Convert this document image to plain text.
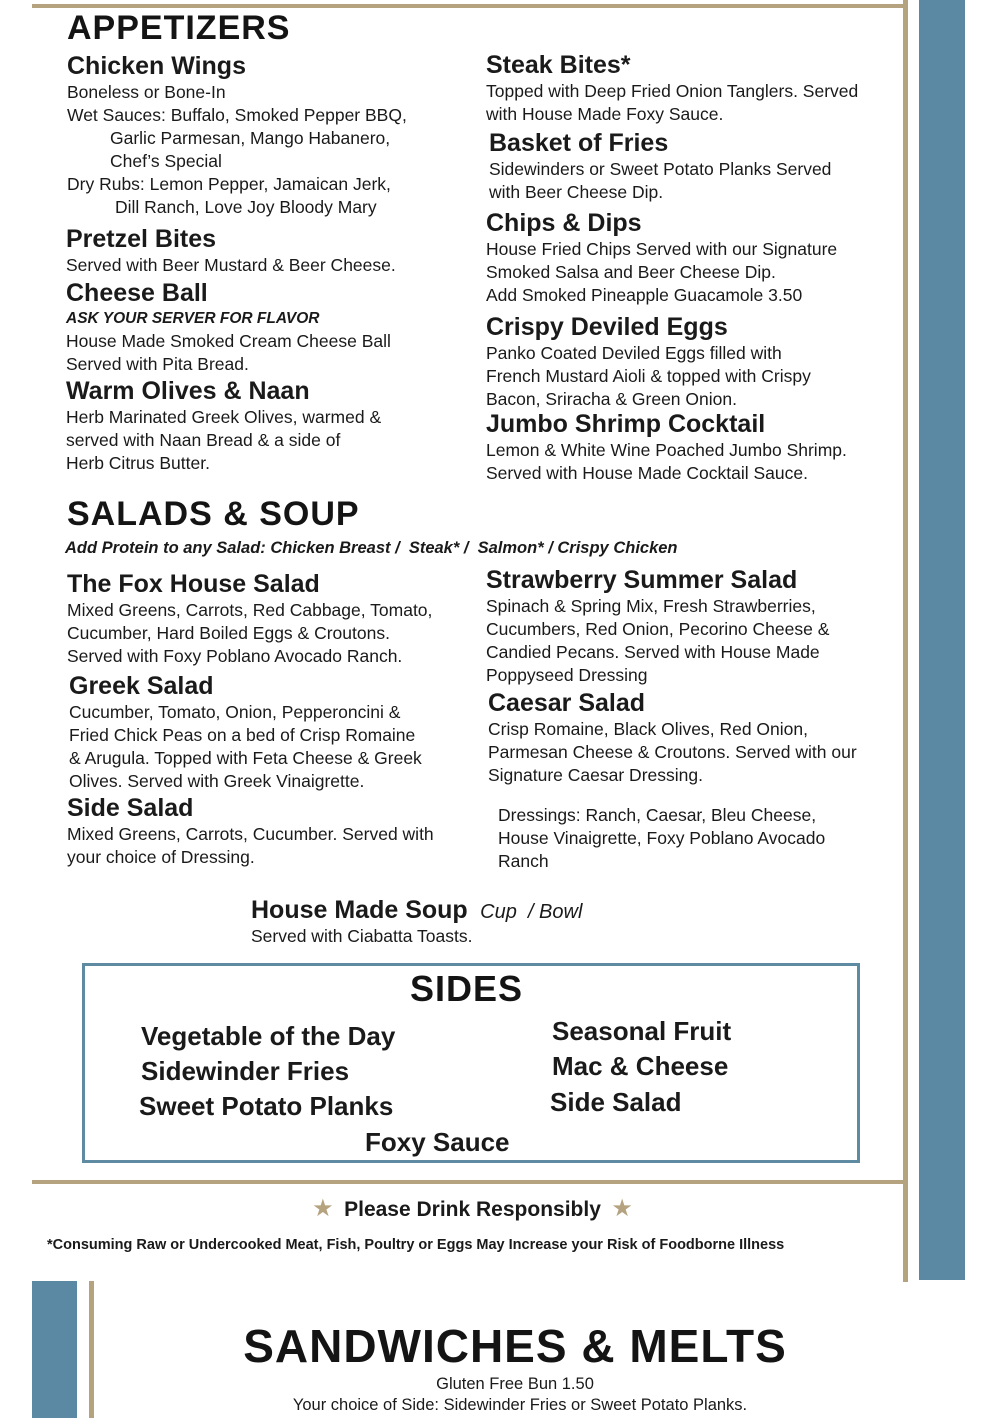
APPETIZERS
Chicken Wings
Boneless or Bone-In
Wet Sauces: Buffalo, Smoked Pepper BBQ,
Garlic Parmesan, Mango Habanero,
Chef’s Special
Dry Rubs: Lemon Pepper, Jamaican Jerk,
Dill Ranch, Love Joy Bloody Mary
Pretzel Bites
Served with Beer Mustard & Beer Cheese.
Cheese Ball
ASK YOUR SERVER FOR FLAVOR
House Made Smoked Cream Cheese Ball
Served with Pita Bread.
Warm Olives & Naan
Herb Marinated Greek Olives, warmed &
served with Naan Bread & a side of
Herb Citrus Butter.
Steak Bites*
Topped with Deep Fried Onion Tanglers. Served
with House Made Foxy Sauce.
Basket of Fries
Sidewinders or Sweet Potato Planks Served
with Beer Cheese Dip.
Chips & Dips
House Fried Chips Served with our Signature
Smoked Salsa and Beer Cheese Dip.
Add Smoked Pineapple Guacamole 3.50
Crispy Deviled Eggs
Panko Coated Deviled Eggs filled with
French Mustard Aioli & topped with Crispy
Bacon, Sriracha & Green Onion.
Jumbo Shrimp Cocktail
Lemon & White Wine Poached Jumbo Shrimp.
Served with House Made Cocktail Sauce.
SALADS & SOUP
Add Protein to any Salad: Chicken Breast /  Steak* /  Salmon* / Crispy Chicken
The Fox House Salad
Mixed Greens, Carrots, Red Cabbage, Tomato,
Cucumber, Hard Boiled Eggs & Croutons.
Served with Foxy Poblano Avocado Ranch.
Greek Salad
Cucumber, Tomato, Onion, Pepperoncini &
Fried Chick Peas on a bed of Crisp Romaine
& Arugula. Topped with Feta Cheese & Greek
Olives. Served with Greek Vinaigrette.
Side Salad
Mixed Greens, Carrots, Cucumber. Served with
your choice of Dressing.
Strawberry Summer Salad
Spinach & Spring Mix, Fresh Strawberries,
Cucumbers, Red Onion, Pecorino Cheese &
Candied Pecans. Served with House Made
Poppyseed Dressing
Caesar Salad
Crisp Romaine, Black Olives, Red Onion,
Parmesan Cheese & Croutons. Served with our
Signature Caesar Dressing.
Dressings: Ranch, Caesar, Bleu Cheese,
House Vinaigrette, Foxy Poblano Avocado
Ranch
House Made Soup Cup  / Bowl
Served with Ciabatta Toasts.
SIDES
Vegetable of the Day
Sidewinder Fries
Sweet Potato Planks
Seasonal Fruit
Mac & Cheese
Side Salad
Foxy Sauce
★ Please Drink Responsibly ★
*Consuming Raw or Undercooked Meat, Fish, Poultry or Eggs May Increase your Risk of Foodborne Illness
SANDWICHES & MELTS
Gluten Free Bun 1.50
Your choice of Side: Sidewinder Fries or Sweet Potato Planks.
